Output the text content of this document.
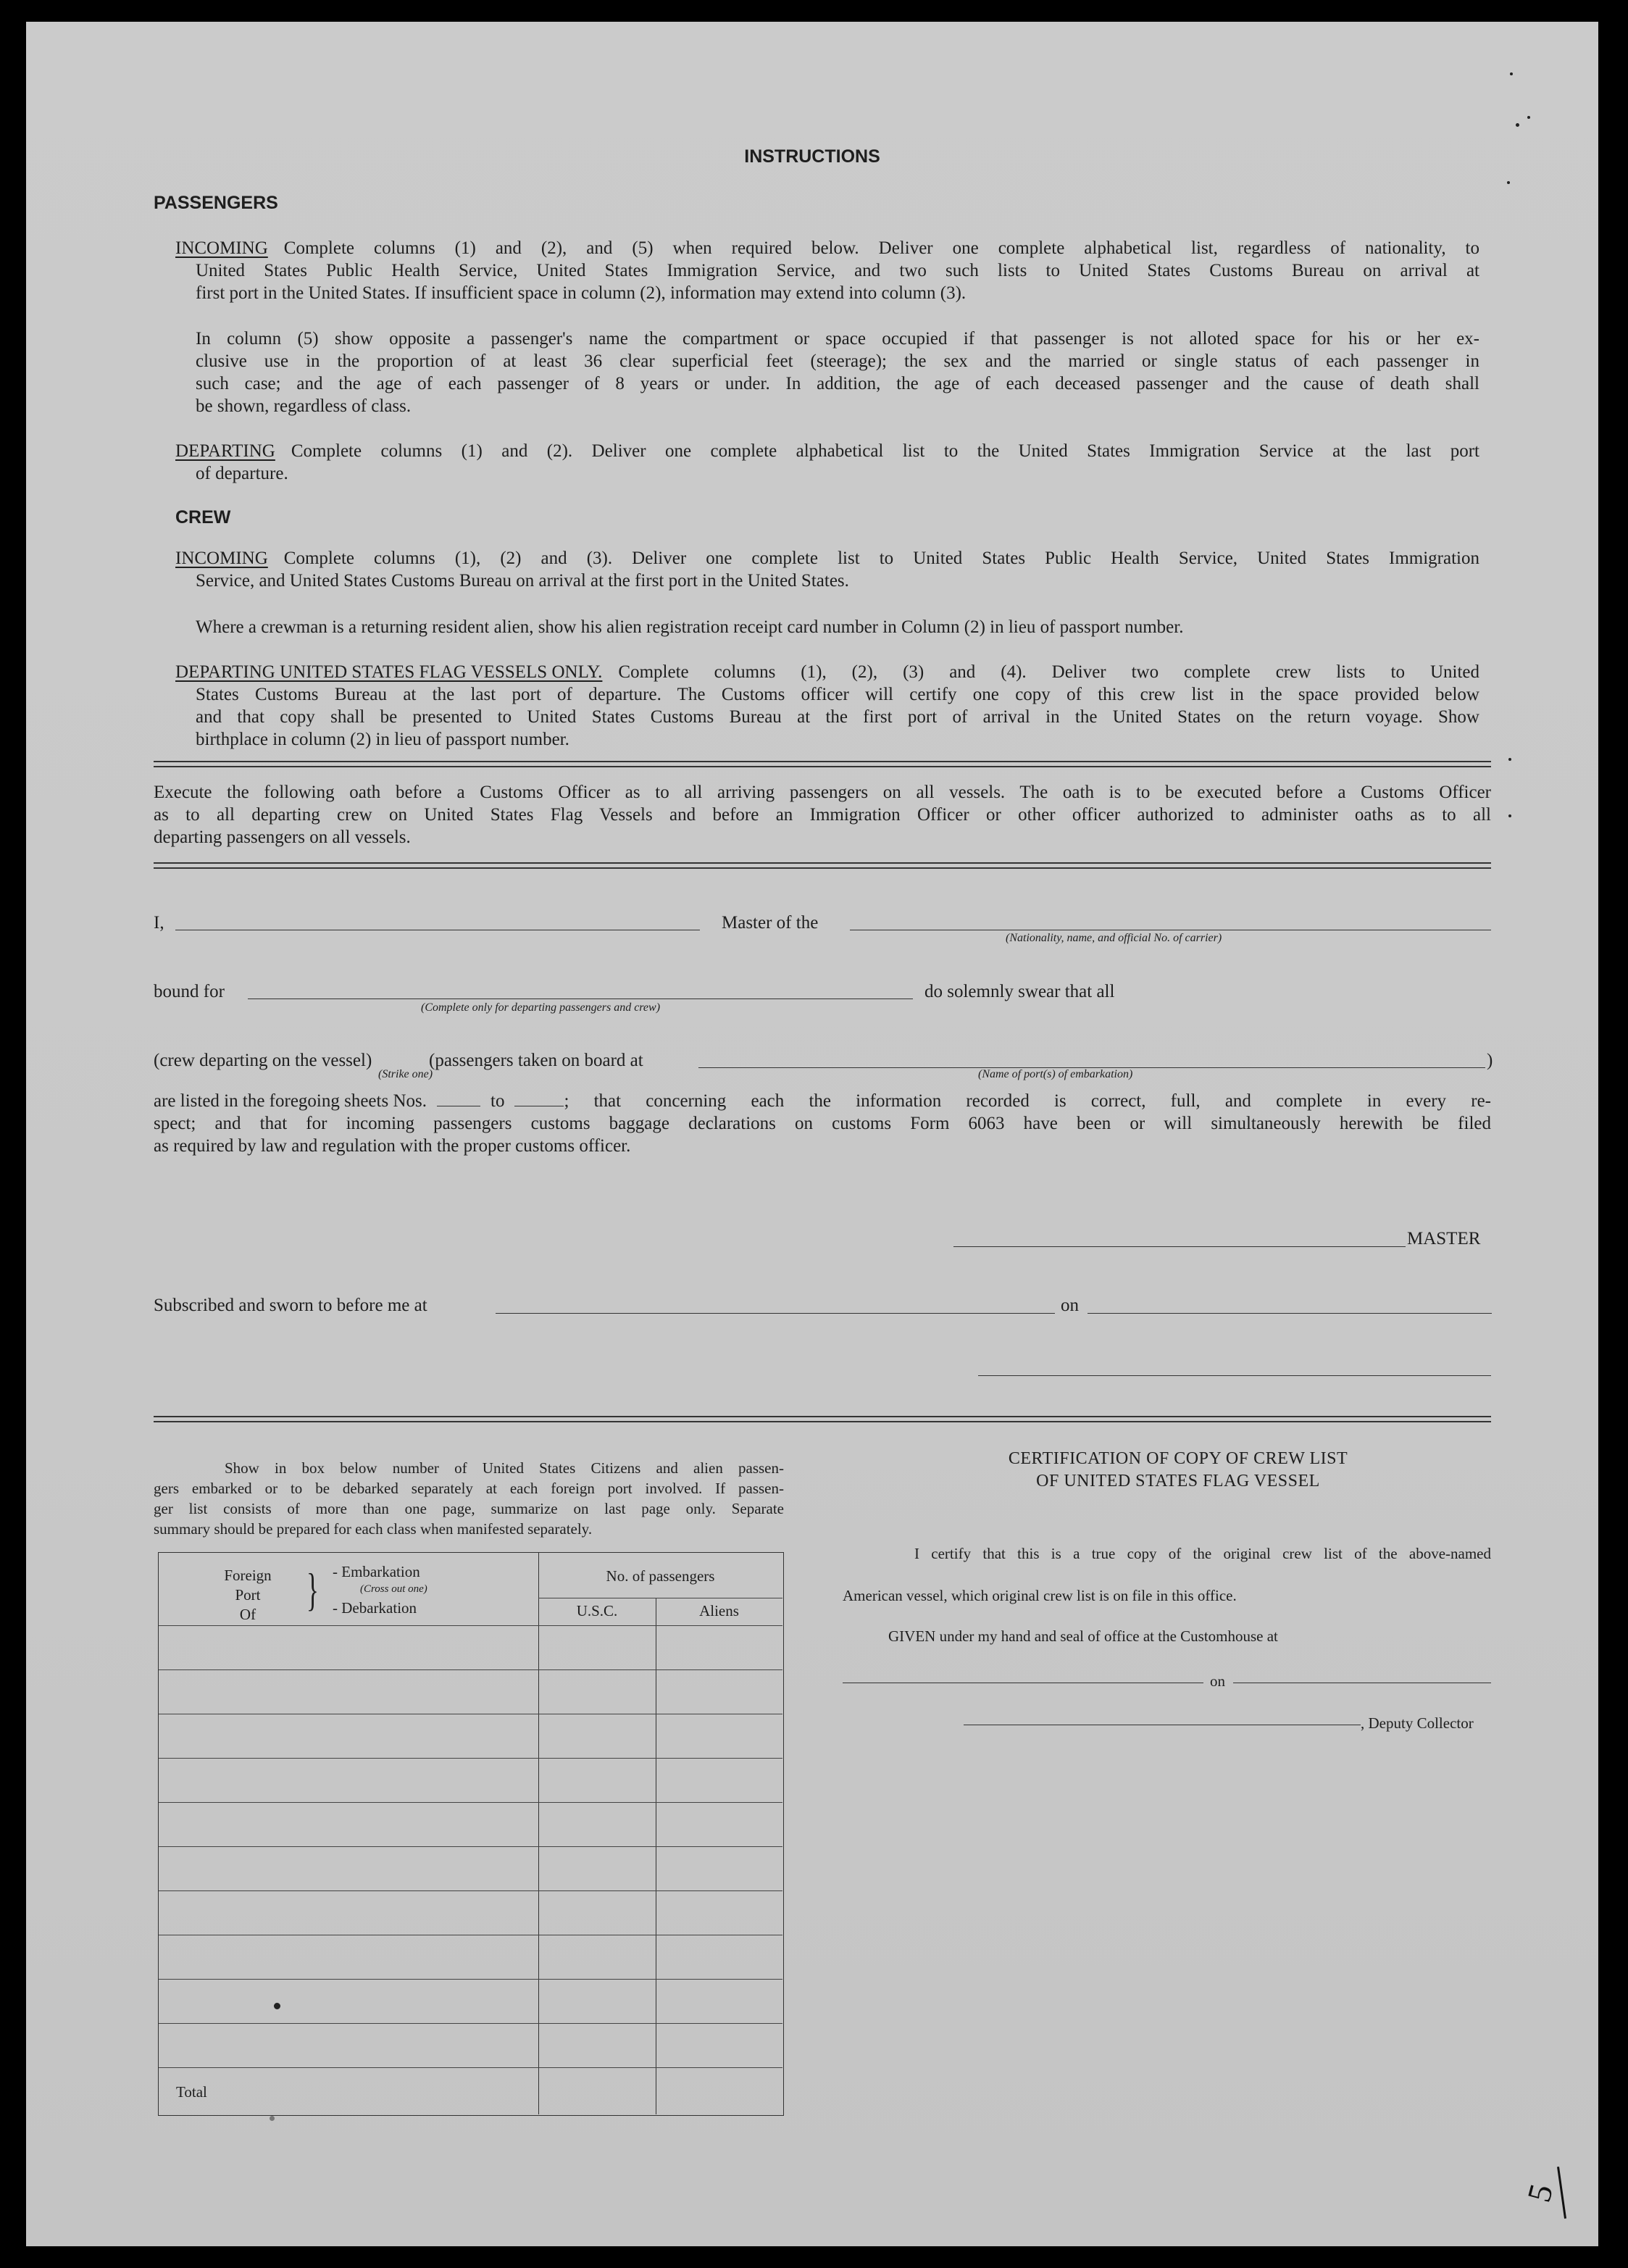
INSTRUCTIONS
PASSENGERS
INCOMING Complete columns (1) and (2), and (5) when required below. Deliver one complete alphabetical list, regardless of nationality, to
United States Public Health Service, United States Immigration Service, and two such lists to United States Customs Bureau on arrival at
first port in the United States. If insufficient space in column (2), information may extend into column (3).
In column (5) show opposite a passenger's name the compartment or space occupied if that passenger is not alloted space for his or her ex-
clusive use in the proportion of at least 36 clear superficial feet (steerage); the sex and the married or single status of each passenger in
such case; and the age of each passenger of 8 years or under. In addition, the age of each deceased passenger and the cause of death shall
be shown, regardless of class.
DEPARTING Complete columns (1) and (2). Deliver one complete alphabetical list to the United States Immigration Service at the last port
of departure.
CREW
INCOMING Complete columns (1), (2) and (3). Deliver one complete list to United States Public Health Service, United States Immigration
Service, and United States Customs Bureau on arrival at the first port in the United States.
Where a crewman is a returning resident alien, show his alien registration receipt card number in Column (2) in lieu of passport number.
DEPARTING UNITED STATES FLAG VESSELS ONLY. Complete columns (1), (2), (3) and (4). Deliver two complete crew lists to United
States Customs Bureau at the last port of departure. The Customs officer will certify one copy of this crew list in the space provided below
and that copy shall be presented to United States Customs Bureau at the first port of arrival in the United States on the return voyage. Show
birthplace in column (2) in lieu of passport number.
Execute the following oath before a Customs Officer as to all arriving passengers on all vessels. The oath is to be executed before a Customs Officer
as to all departing crew on United States Flag Vessels and before an Immigration Officer or other officer authorized to administer oaths as to all
departing passengers on all vessels.
I,	Master of the
(Nationality, name, and official No. of carrier)
bound for
(Complete only for departing passengers and crew)
do solemnly swear that all
(crew departing on the vessel)	(passengers taken on board at	)
(Strike one)	(Name of port(s) of embarkation)
are listed in the foregoing sheets Nos.	to	; that concerning each the information recorded is correct, full, and complete in every re-
spect; and that for incoming passengers customs baggage declarations on customs Form 6063 have been or will simultaneously herewith be filed
as required by law and regulation with the proper customs officer.
MASTER
Subscribed and sworn to before me at	on
Show in box below number of United States Citizens and alien passen-
gers embarked or to be debarked separately at each foreign port involved. If passen-
ger list consists of more than one page, summarize on last page only. Separate
summary should be prepared for each class when manifested separately.
Foreign
Port
Of	} - Embarkation
(Cross out one)
- Debarkation
No. of passengers
U.S.C.	Aliens
Total
CERTIFICATION OF COPY OF CREW LIST
OF UNITED STATES FLAG VESSEL
I certify that this is a true copy of the original crew list of the above-named
American vessel, which original crew list is on file in this office.
GIVEN under my hand and seal of office at the Customhouse at
on
, Deputy Collector
5
